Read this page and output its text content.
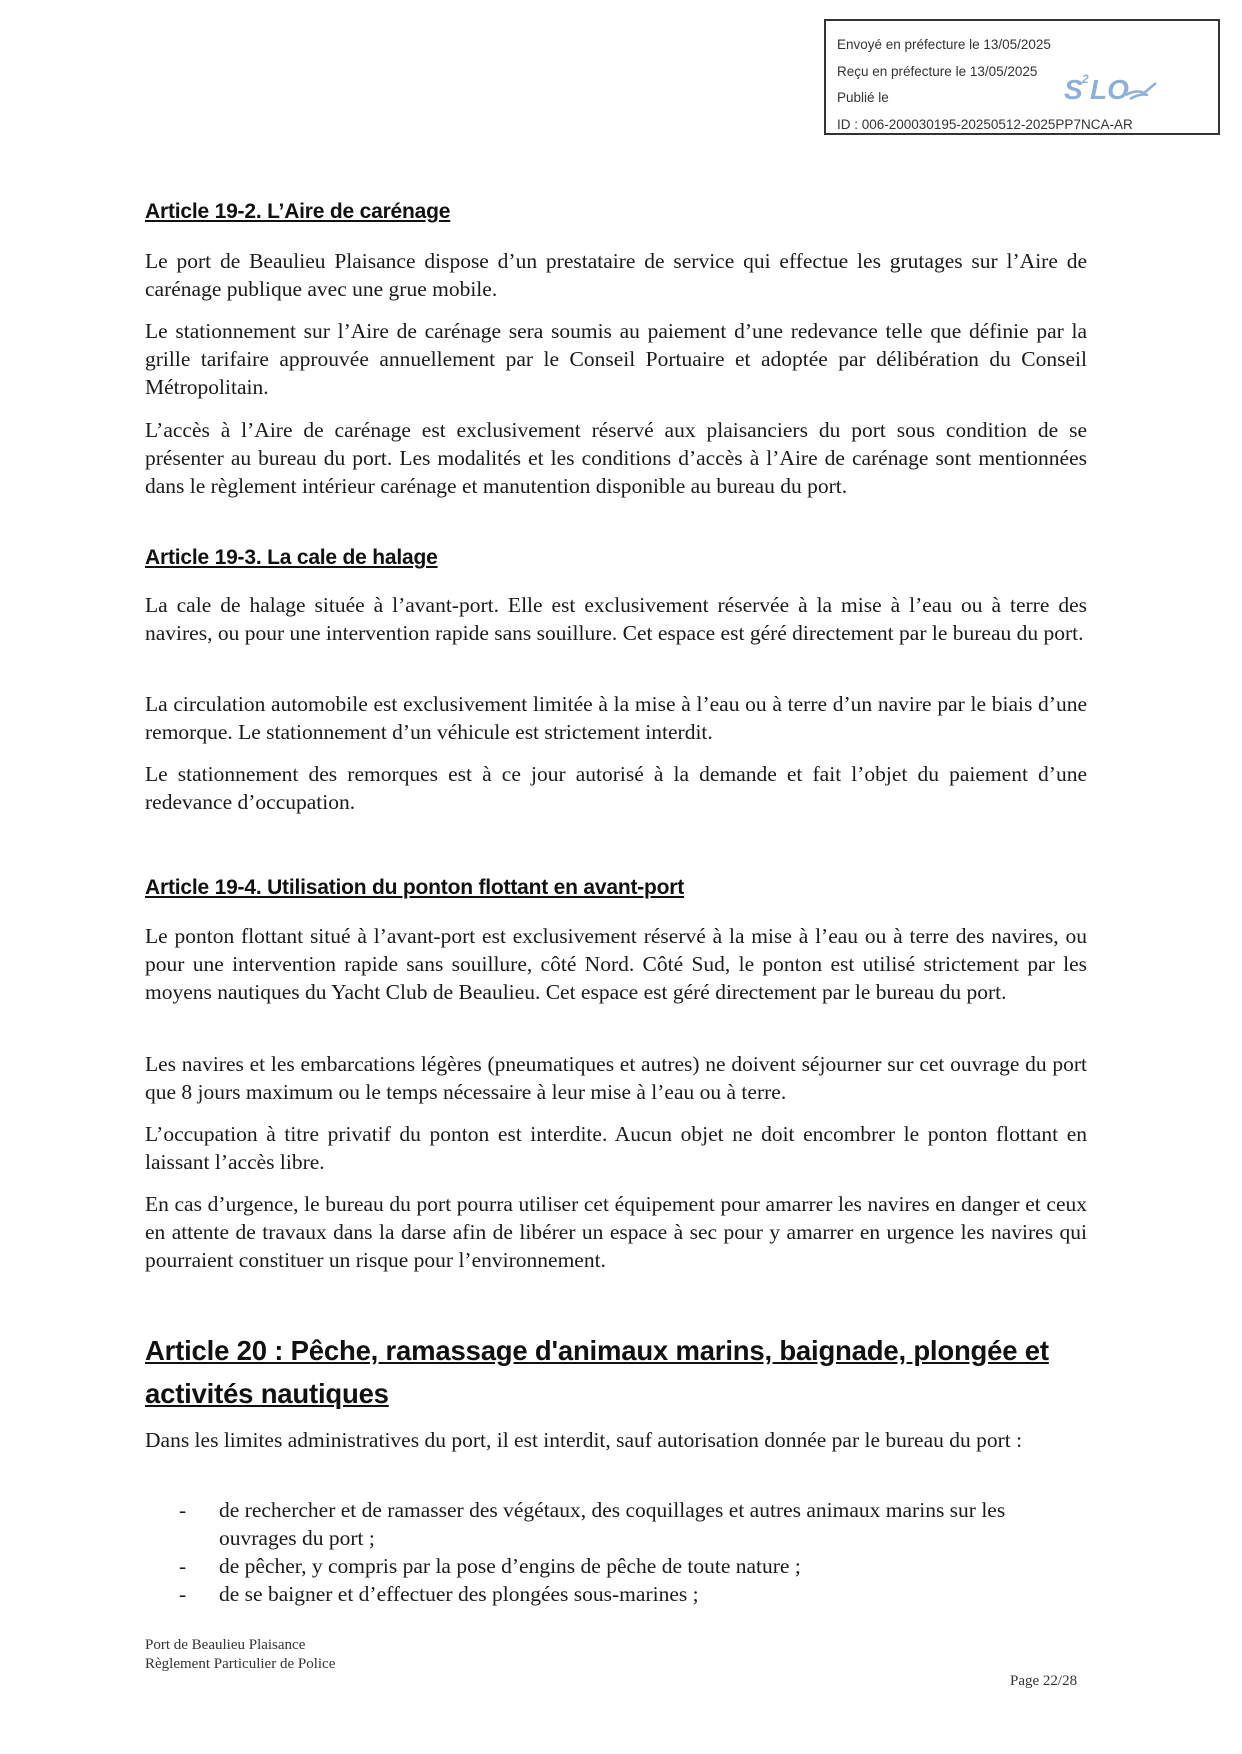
Envoyé en préfecture le 13/05/2025
Reçu en préfecture le 13/05/2025
Publié le
ID : 006-200030195-20250512-2025PP7NCA-AR
S 2 LO
Article 19-2. L’Aire de carénage
Le port de Beaulieu Plaisance dispose d’un prestataire de service qui effectue les grutages sur l’Aire de carénage publique avec une grue mobile.
Le stationnement sur l’Aire de carénage sera soumis au paiement d’une redevance telle que définie par la grille tarifaire approuvée annuellement par le Conseil Portuaire et adoptée par délibération du Conseil Métropolitain.
L’accès à l’Aire de carénage est exclusivement réservé aux plaisanciers du port sous condition de se présenter au bureau du port. Les modalités et les conditions d’accès à l’Aire de carénage sont mentionnées dans le règlement intérieur carénage et manutention disponible au bureau du port.
Article 19-3. La cale de halage
La cale de halage située à l’avant-port. Elle est exclusivement réservée à la mise à l’eau ou à terre des navires, ou pour une intervention rapide sans souillure. Cet espace est géré directement par le bureau du port.
La circulation automobile est exclusivement limitée à la mise à l’eau ou à terre d’un navire par le biais d’une remorque. Le stationnement d’un véhicule est strictement interdit.
Le stationnement des remorques est à ce jour autorisé à la demande et fait l’objet du paiement d’une redevance d’occupation.
Article 19-4. Utilisation du ponton flottant en avant-port
Le ponton flottant situé à l’avant-port est exclusivement réservé à la mise à l’eau ou à terre des navires, ou pour une intervention rapide sans souillure, côté Nord. Côté Sud, le ponton est utilisé strictement par les moyens nautiques du Yacht Club de Beaulieu. Cet espace est géré directement par le bureau du port.
Les navires et les embarcations légères (pneumatiques et autres) ne doivent séjourner sur cet ouvrage du port que 8 jours maximum ou le temps nécessaire à leur mise à l’eau ou à terre.
L’occupation à titre privatif du ponton est interdite. Aucun objet ne doit encombrer le ponton flottant en laissant l’accès libre.
En cas d’urgence, le bureau du port pourra utiliser cet équipement pour amarrer les navires en danger et ceux en attente de travaux dans la darse afin de libérer un espace à sec pour y amarrer en urgence les navires qui pourraient constituer un risque pour l’environnement.
Article 20 : Pêche, ramassage d'animaux marins, baignade, plongée et activités nautiques
Dans les limites administratives du port, il est interdit, sauf autorisation donnée par le bureau du port :
- de rechercher et de ramasser des végétaux, des coquillages et autres animaux marins sur les ouvrages du port ;
- de pêcher, y compris par la pose d’engins de pêche de toute nature ;
- de se baigner et d’effectuer des plongées sous-marines ;
Port de Beaulieu Plaisance
Règlement Particulier de Police
Page 22/28
